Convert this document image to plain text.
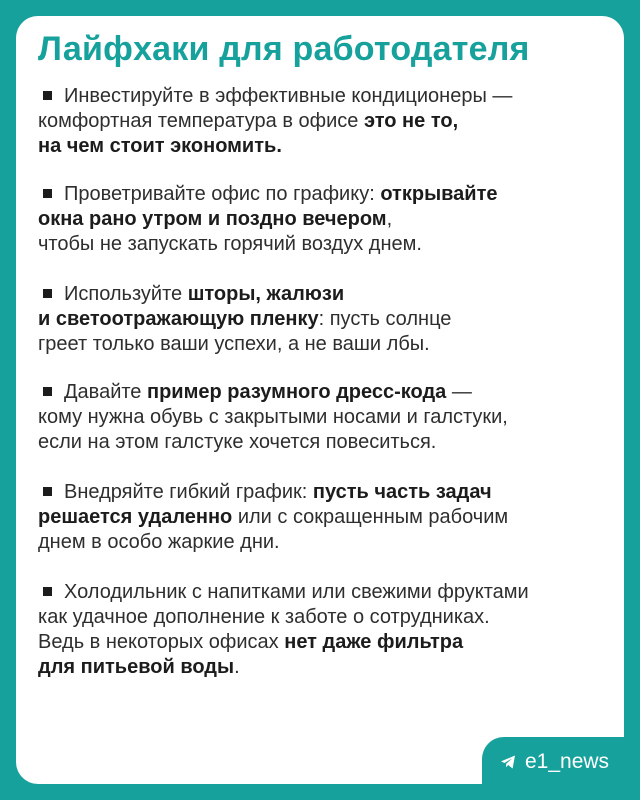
Лайфхаки для работодателя

Инвестируйте в эффективные кондиционеры —
комфортная температура в офисе это не то,
на чем стоит экономить.

Проветривайте офис по графику: открывайте
окна рано утром и поздно вечером,
чтобы не запускать горячий воздух днем.

Используйте шторы, жалюзи
и светоотражающую пленку: пусть солнце
греет только ваши успехи, а не ваши лбы.

Давайте пример разумного дресс-кода —
кому нужна обувь с закрытыми носами и галстуки,
если на этом галстуке хочется повеситься.

Внедряйте гибкий график: пусть часть задач
решается удаленно или с сокращенным рабочим
днем в особо жаркие дни.

Холодильник с напитками или свежими фруктами
как удачное дополнение к заботе о сотрудниках.
Ведь в некоторых офисах нет даже фильтра
для питьевой воды.

e1_news
